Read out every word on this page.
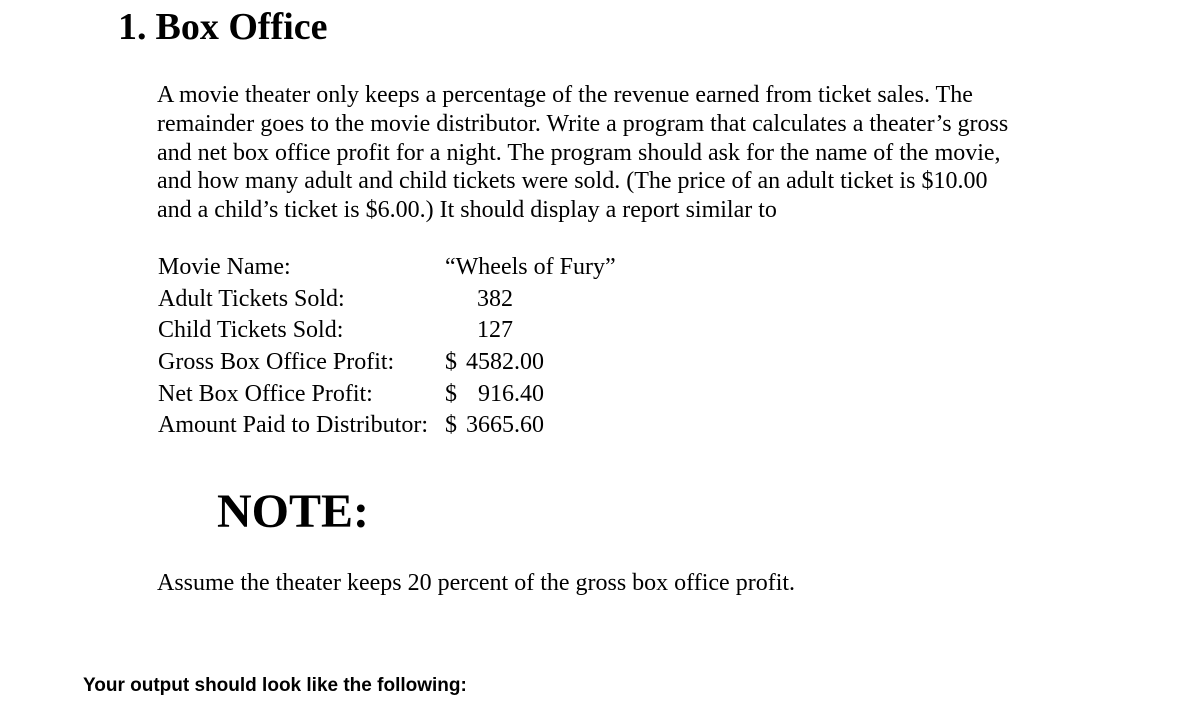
1. Box Office

A movie theater only keeps a percentage of the revenue earned from ticket sales. The
remainder goes to the movie distributor. Write a program that calculates a theater’s gross
and net box office profit for a night. The program should ask for the name of the movie,
and how many adult and child tickets were sold. (The price of an adult ticket is $10.00
and a child’s ticket is $6.00.) It should display a report similar to

Movie Name:	“Wheels of Fury”
Adult Tickets Sold:	382
Child Tickets Sold:	127
Gross Box Office Profit: $ 4582.00
Net Box Office Profit:	$ 916.40
Amount Paid to Distributor: $ 3665.60
NOTE:

Assume the theater keeps 20 percent of the gross box office profit.

Your output should look like the following:
